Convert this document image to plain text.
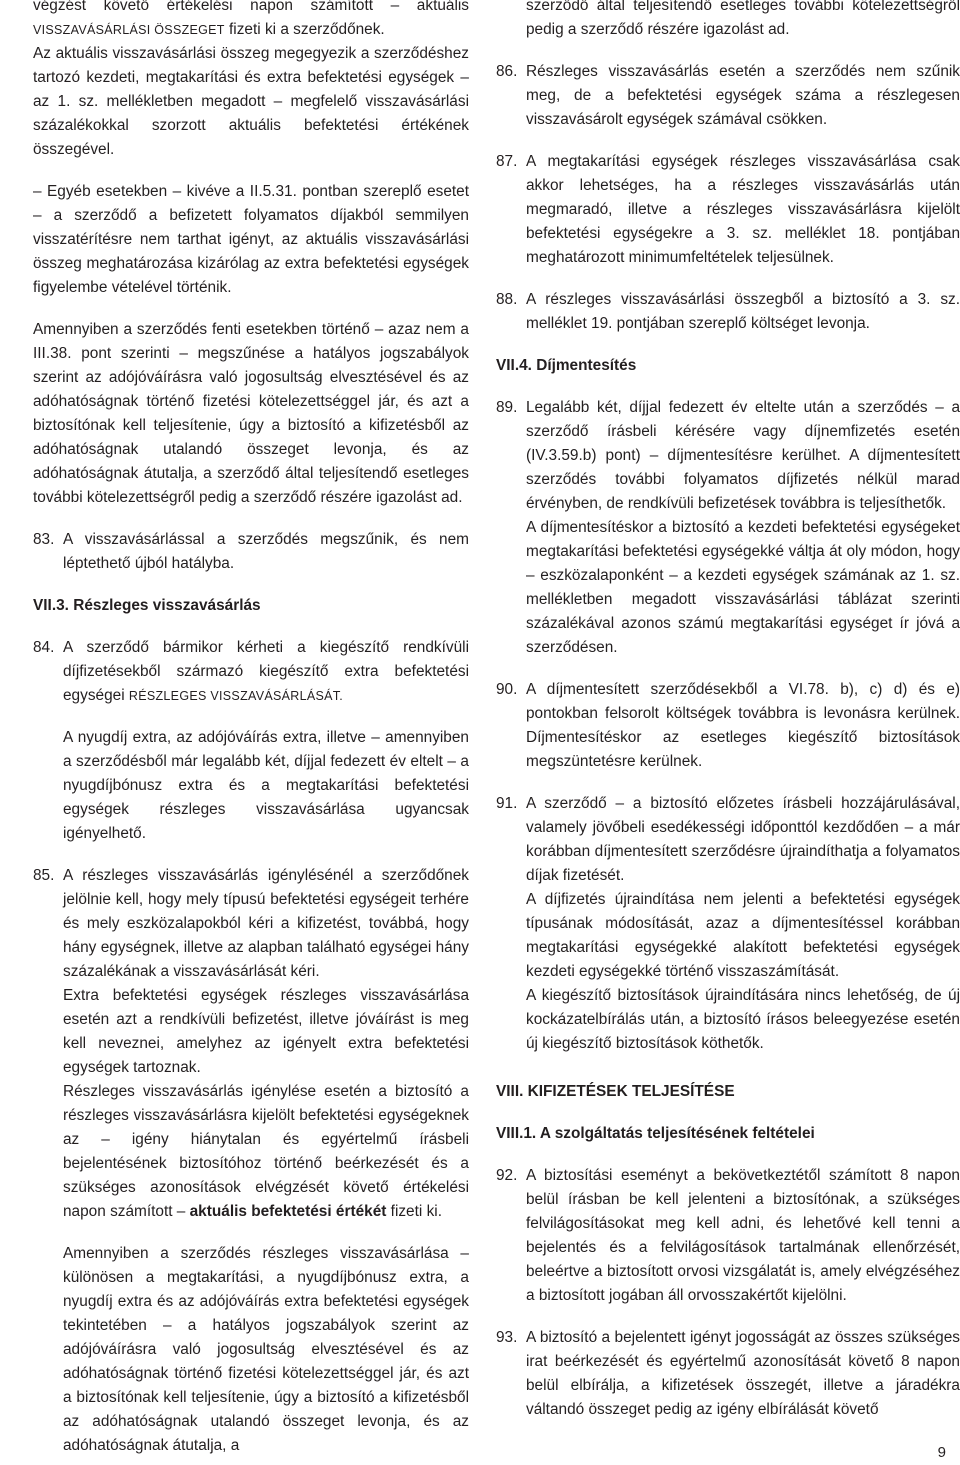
végzést követő értékelési napon számított – aktuális VISSZAVÁSÁRLÁSI ÖSSZEGET fizeti ki a szerződőnek.

Az aktuális visszavásárlási összeg megegyezik a szerződéshez tartozó kezdeti, megtakarítási és extra befektetési egységek – az 1. sz. mellékletben megadott – megfelelő visszavásárlási százalékokkal szorzott aktuális befektetési értékének összegével.

– Egyéb esetekben – kivéve a II.5.31. pontban szereplő esetet – a szerződő a befizetett folyamatos díjakból semmilyen visszatérítésre nem tarthat igényt, az aktuális visszavásárlási összeg meghatározása kizárólag az extra befektetési egységek figyelembe vételével történik.

Amennyiben a szerződés fenti esetekben történő – azaz nem a III.38. pont szerinti – megszűnése a hatályos jogszabályok szerint az adójóváírásra való jogosultság elvesztésével és az adóhatóságnak történő fizetési kötelezettséggel jár, és azt a biztosítónak kell teljesítenie, úgy a biztosító a kifizetésből az adóhatóságnak utalandó összeget levonja, és az adóhatóságnak átutalja, a szerződő által teljesítendő esetleges további kötelezettségről pedig a szerződő részére igazolást ad.

83. A visszavásárlással a szerződés megszűnik, és nem léptethető újból hatályba.

VII.3. Részleges visszavásárlás

84. A szerződő bármikor kérheti a kiegészítő rendkívüli díjfizetésekből származó kiegészítő extra befektetési egységei RÉSZLEGES VISSZAVÁSÁRLÁSÁT.

A nyugdíj extra, az adójóváírás extra, illetve – amennyiben a szerződésből már legalább két, díjjal fedezett év eltelt – a nyugdíjbónusz extra és a megtakarítási befektetési egységek részleges visszavásárlása ugyancsak igényelhető.

85. A részleges visszavásárlás igénylésénél a szerződőnek jelölnie kell, hogy mely típusú befektetési egységeit terhére és mely eszközalapokból kéri a kifizetést, továbbá, hogy hány egységnek, illetve az alapban található egységei hány százalékának a visszavásárlását kéri.

Extra befektetési egységek részleges visszavásárlása esetén azt a rendkívüli befizetést, illetve jóváírást is meg kell neveznei, amelyhez az igényelt extra befektetési egységek tartoznak.

Részleges visszavásárlás igénylése esetén a biztosító a részleges visszavásárlásra kijelölt befektetési egységeknek az – igény hiánytalan és egyértelmű írásbeli bejelentésének biztosítóhoz történő beérkezését és a szükséges azonosítások elvégzését követő értékelési napon számított – aktuális befektetési értékét fizeti ki.

Amennyiben a szerződés részleges visszavásárlása – különösen a megtakarítási, a nyugdíjbónusz extra, a nyugdíj extra és az adójóváírás extra befektetési egységek tekintetében – a hatályos jogszabályok szerint az adójóváírásra való jogosultság elvesztésével és az adóhatóságnak történő fizetési kötelezettséggel jár, és azt a biztosítónak kell teljesítenie, úgy a biztosító a kifizetésből az adóhatóságnak utalandó összeget levonja, és az adóhatóságnak átutalja, a

szerződő által teljesítendő esetleges további kötelezettségről pedig a szerződő részére igazolást ad.

86. Részleges visszavásárlás esetén a szerződés nem szűnik meg, de a befektetési egységek száma a részlegesen visszavásárolt egységek számával csökken.

87. A megtakarítási egységek részleges visszavásárlása csak akkor lehetséges, ha a részleges visszavásárlás után megmaradó, illetve a részleges visszavásárlásra kijelölt befektetési egységekre a 3. sz. melléklet 18. pontjában meghatározott minimumfeltételek teljesülnek.

88. A részleges visszavásárlási összegből a biztosító a 3. sz. melléklet 19. pontjában szereplő költséget levonja.

VII.4. Díjmentesítés

89. Legalább két, díjjal fedezett év eltelte után a szerződés – a szerződő írásbeli kérésére vagy díjnemfizetés esetén (IV.3.59.b) pont) – díjmentesítésre kerülhet. A díjmentesített szerződés további folyamatos díjfizetés nélkül marad érvényben, de rendkívüli befizetések továbbra is teljesíthetők.

A díjmentesítéskor a biztosító a kezdeti befektetési egységeket megtakarítási befektetési egységekké váltja át oly módon, hogy – eszközalaponként – a kezdeti egységek számának az 1. sz. mellékletben megadott visszavásárlási táblázat szerinti százalékával azonos számú megtakarítási egységet ír jóvá a szerződésen.

90. A díjmentesített szerződésekből a VI.78. b), c) d) és e) pontokban felsorolt költségek továbbra is levonásra kerülnek. Díjmentesítéskor az esetleges kiegészítő biztosítások megszüntetésre kerülnek.

91. A szerződő – a biztosító előzetes írásbeli hozzájárulásával, valamely jövőbeli esedékességi időponttól kezdődően – a már korábban díjmentesített szerződésre újraindíthatja a folyamatos díjak fizetését.

A díjfizetés újraindítása nem jelenti a befektetési egységek típusának módosítását, azaz a díjmentesítéssel korábban megtakarítási egységekké alakított befektetési egységek kezdeti egységekké történő visszaszámítását.

A kiegészítő biztosítások újraindítására nincs lehetőség, de új kockázatelbírálás után, a biztosító írásos beleegyezése esetén új kiegészítő biztosítások köthetők.

VIII. KIFIZETÉSEK TELJESÍTÉSE

VIII.1. A szolgáltatás teljesítésének feltételei

92. A biztosítási eseményt a bekövetkeztétől számított 8 napon belül írásban be kell jelenteni a biztosítónak, a szükséges felvilágosításokat meg kell adni, és lehetővé kell tenni a bejelentés és a felvilágosítások tartalmának ellenőrzését, beleértve a biztosított orvosi vizsgálatát is, amely elvégzéséhez a biztosított jogában áll orvosszakértőt kijelölni.

93. A biztosító a bejelentett igényt jogosságát az összes szükséges irat beérkezését és egyértelmű azonosítását követő 8 napon belül elbírálja, a kifizetések összegét, illetve a járadékra váltandó összeget pedig az igény elbírálását követő

9
